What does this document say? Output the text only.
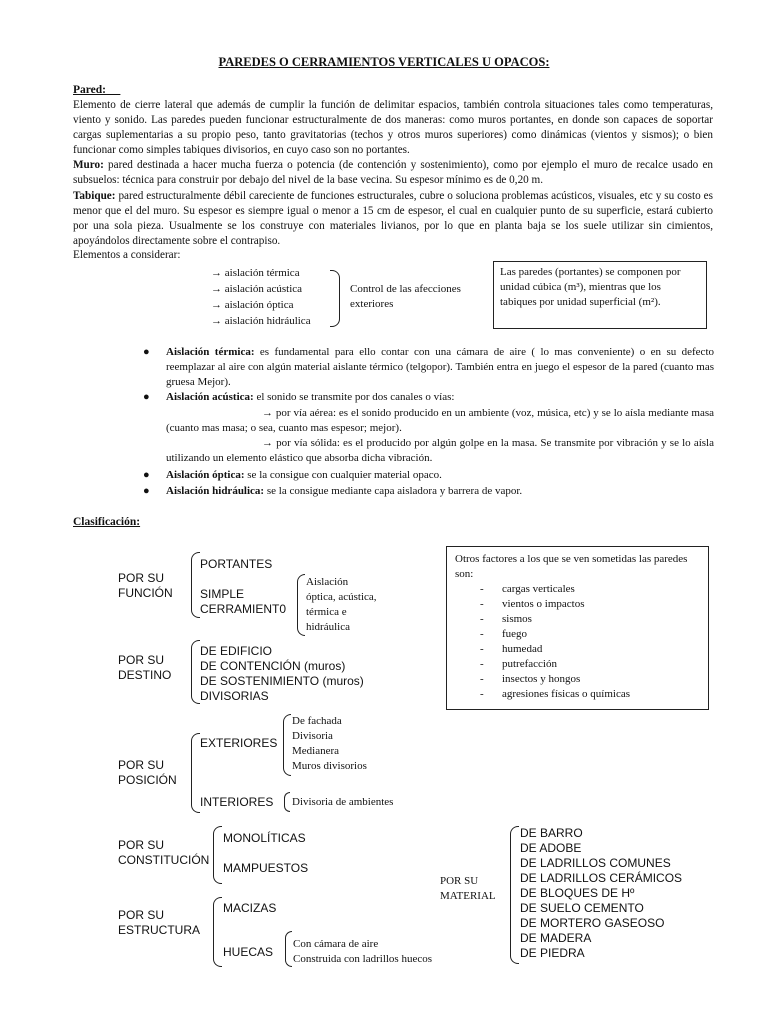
PAREDES O CERRAMIENTOS VERTICALES U OPACOS:
Pared:
Elemento de cierre lateral que además de cumplir la función de delimitar espacios, también controla situaciones tales como temperaturas, viento y sonido. Las paredes pueden funcionar estructuralmente de dos maneras: como muros portantes, en donde son capaces de soportar cargas suplementarias a su propio peso, tanto gravitatorias (techos y otros muros superiores) como dinámicas (vientos y sismos); o bien funcionar como simples tabiques divisorios, en cuyo caso son no portantes.
Muro: pared destinada a hacer mucha fuerza o potencia (de contención y sostenimiento), como por ejemplo el muro de recalce usado en subsuelos: técnica para construir por debajo del nivel de la base vecina. Su espesor mínimo es de 0,20 m.
Tabique: pared estructuralmente débil careciente de funciones estructurales, cubre o soluciona problemas acústicos, visuales, etc y su costo es menor que el del muro. Su espesor es siempre igual o menor a 15 cm de espesor, el cual en cualquier punto de su superficie, estará cubierto por una sola pieza. Usualmente se los construye con materiales livianos, por lo que en planta baja se los suele utilizar sin cimientos, apoyándolos directamente sobre el contrapiso.
Elementos a considerar:
→ aislación térmica
→ aislación acústica
→ aislación óptica
→ aislación hidráulica
Control de las afecciones exteriores
Las paredes (portantes) se componen por unidad cúbica (m³), mientras que los tabiques por unidad superficial (m²).
● Aislación térmica: es fundamental para ello contar con una cámara de aire ( lo mas conveniente) o en su defecto reemplazar al aire con algún material aislante térmico (telgopor). También entra en juego el espesor de la pared (cuanto mas gruesa Mejor).
● Aislación acústica: el sonido se transmite por dos canales o vías:
→ por vía aérea: es el sonido producido en un ambiente (voz, música, etc) y se lo aísla mediante masa (cuanto mas masa; o sea, cuanto mas espesor; mejor).
→ por vía sólida: es el producido por algún golpe en la masa. Se transmite por vibración y se lo aísla utilizando un elemento elástico que absorba dicha vibración.
● Aislación óptica: se la consigue con cualquier material opaco.
● Aislación hidráulica: se la consigue mediante capa aisladora y barrera de vapor.
Clasificación:
POR SU
FUNCIÓN
PORTANTES
SIMPLE
CERRAMIENT0
Aislación
óptica, acústica,
térmica e
hidráulica
POR SU
DESTINO
DE EDIFICIO
DE CONTENCIÓN (muros)
DE SOSTENIMIENTO (muros)
DIVISORIAS
POR SU
POSICIÓN
EXTERIORES
De fachada
Divisoria
Medianera
Muros divisorios
INTERIORES Divisoria de ambientes
POR SU
CONSTITUCIÓN
MONOLÍTICAS
MAMPUESTOS
POR SU
ESTRUCTURA
MACIZAS
HUECAS
Con cámara de aire
Construida con ladrillos huecos
POR SU
MATERIAL
DE BARRO
DE ADOBE
DE LADRILLOS COMUNES
DE LADRILLOS CERÁMICOS
DE BLOQUES DE Hº
DE SUELO CEMENTO
DE MORTERO GASEOSO
DE MADERA
DE PIEDRA
Otros factores a los que se ven sometidas las paredes son:
- cargas verticales
- vientos o impactos
- sismos
- fuego
- humedad
- putrefacción
- insectos y hongos
- agresiones físicas o químicas
